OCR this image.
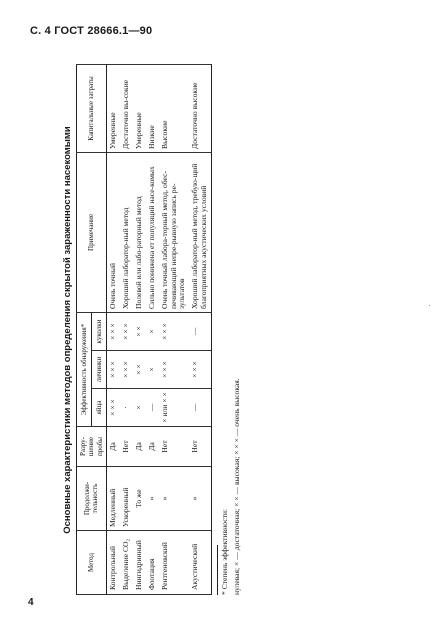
С. 4 ГОСТ 28666.1—90
·
Основные характеристики методов определения скрытой зараженности насекомыми
Метод	Продолжи-тельность	Разру-шение пробы	Эффективность обнаружения*			Примечание	Капитальные затраты
			яйца	личинки	куколки		
Контрольный	Медленный	Да	× × ×	× × ×	× × ×	Очень точный	Умеренные
Выделение CO₂	Ускоренный	Нет	·	× × ×	× × ×	Хороший лаборатор-ный метод	Достаточно вы-сокие
Нингидринный	То же	Да	×	× ×	× ×	Полевой или лабо-раторный метод	Умеренные
Флотация	»	Да	—	×	×	Сильно понижена ет популяций насе-комых	Низкие
Рентгеновский	»	Нет	× или × ×	× × ×	× × ×	Очень точный лабора-торный метод, обес-печивающий непре-рывную запись ре-зультатов	Высокие
Акустический	»	Нет	—	× × ×	—	Хороший лаборатор-ный метод, требую-щий благоприятных акустических условий	Достаточно высокие
* Степень эффективности: нулевая; × — достаточная; × × — высокая; × × × — очень высокая.
4
